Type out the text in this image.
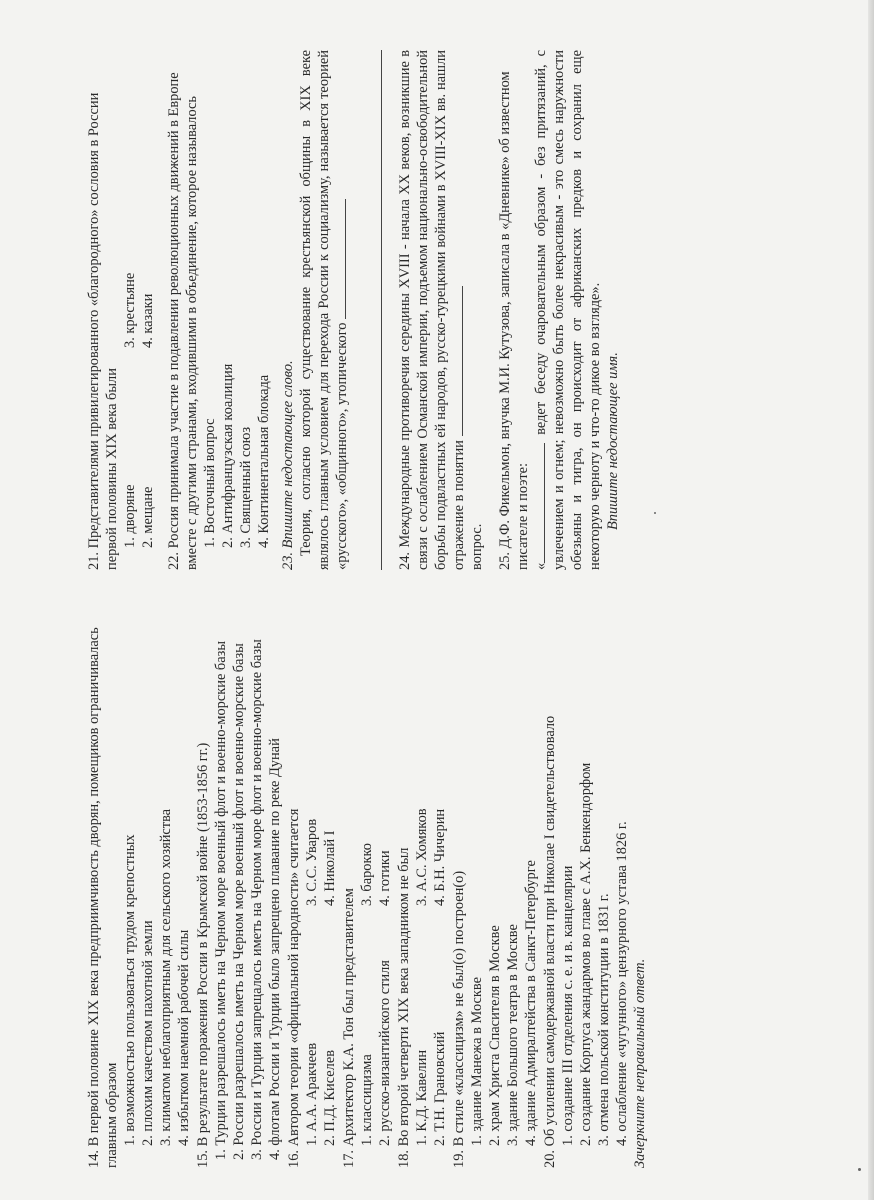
14. В первой половине XIX века предприимчивость дворян, помещиков ограничивалась главным образом 1. возможностью пользоваться трудом крепостных 2. плохим качеством пахотной земли 3. климатом неблагоприятным для сельского хозяйства 4. избытком наемной рабочей силы 15. В результате поражения России в Крымской войне (1853-1856 гг.) 1. Турции разрешалось иметь на Черном море военный флот и военно-морские базы 2. России разрешалось иметь на Черном море военный флот и военно-морские базы 3. России и Турции запрещалось иметь на Черном море флот и военно-морские базы 4. флотам России и Турции было запрещено плавание по реке Дунай 16. Автором теории «официальной народности» считается 1. А.А. Аракчеев
3. С.С. Уваров
2. П.Д. Киселев
4. Николай I

17. Архитектор К.А. Тон был представителем 1. классицизма
3. барокко
2. русско-византийского стиля
4. готики 18. Во второй четверти XIX века западником не был 1. К.Д. Кавелин
3. А.С. Хомяков
2. Т.Н. Грановский
4. Б.Н. Чичерин

19. В стиле «классицизм» не был(о) построен(о) 1. здание Манежа в Москве 2. храм Христа Спасителя в Москве 3. здание Большого театра в Москве 4. здание Адмиралтейства в Санкт-Петербурге 20. Об усилении самодержавной власти при Николае I свидетельствовало 1. создание III отделения с. е. и в. канцелярии 2. создание Корпуса жандармов во главе с А.Х. Бенкендорфом 3. отмена польской конституции в 1831 г. 4. ослабление «чугунного» цензурного устава 1826 г. Зачеркните неправильный ответ.

21. Представителями привилегированного «благородного» сословия в России первой половины XIX века были 1. дворяне
3. крестьяне
2. мещане
4. казаки 22. Россия принимала участие в подавлении революционных движений в Европе вместе с другими странами, входившими в объединение, которое называлось 1. Восточный вопрос 2. Антифранцузская коалиция 3. Священный союз 4. Континентальная блокада 23. Впишите недостающее слово. Теория, согласно которой существование крестьянской общины в XIX веке являлось главным условием для перехода России к социализму, называется теорией «русского», «общинного», утопического	24. Международные противоречия середины XVIII - начала XX веков, возникшие в связи с ослаблением Османской империи, подъемом национально-освободительной борьбы подвластных ей народов, русско-турецкими войнами в XVIII-XIX вв. нашли отражение в понятии вопрос. 25. Д.Ф. Фикельмон, внучка М.И. Кутузова, записала в «Дневнике» об известном писателе и поэте: « ведет беседу очаровательным образом - без притязаний, с увлечением и огнем; невозможно быть более некрасивым - это смесь наружности обезьяны и тигра, он происходит от африканских предков и сохранил еще некоторую черноту и что-то дикое во взгляде». Впишите недостающее имя.
